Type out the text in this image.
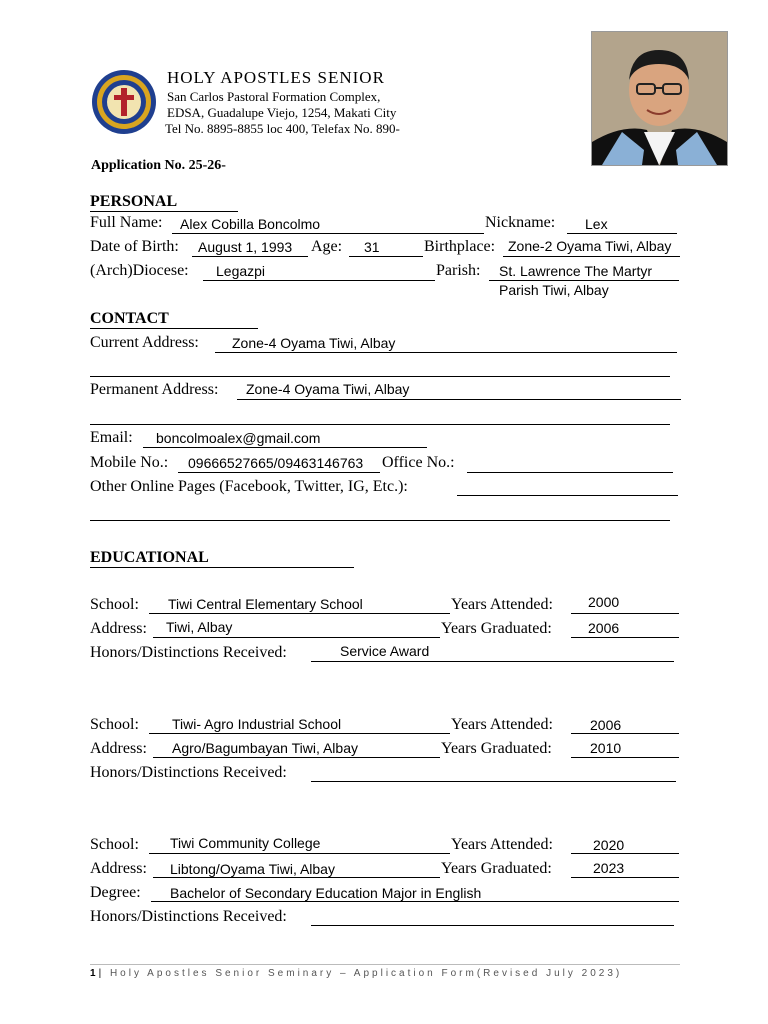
HOLY APOSTLES SENIOR
San Carlos Pastoral Formation Complex,
EDSA, Guadalupe Viejo, 1254, Makati City
Tel No. 8895-8855 loc 400, Telefax No. 890-
Application No. 25-26-
PERSONAL
Full Name: Alex Cobilla Boncolmo	Nickname: Lex
Date of Birth: August 1, 1993 Age: 31	Birthplace: Zone-2 Oyama Tiwi, Albay
(Arch)Diocese: Legazpi	Parish: St. Lawrence The Martyr
Parish Tiwi, Albay
CONTACT
Current Address: Zone-4 Oyama Tiwi, Albay
Permanent Address: Zone-4 Oyama Tiwi, Albay
Email: boncolmoalex@gmail.com
Mobile No.: 09666527665/09463146763 Office No.:
Other Online Pages (Facebook, Twitter, IG, Etc.):
EDUCATIONAL
School: Tiwi Central Elementary School	Years Attended:	2000
Address: Tiwi, Albay	Years Graduated:	2006
Honors/Distinctions Received:	Service Award
School: Tiwi- Agro Industrial School	Years Attended:	2006
Address: Agro/Bagumbayan Tiwi, Albay	Years Graduated:	2010
Honors/Distinctions Received:
School: Tiwi Community College	Years Attended:	2020
Address: Libtong/Oyama Tiwi, Albay	Years Graduated:	2023
Degree: Bachelor of Secondary Education Major in English
Honors/Distinctions Received:
1| Holy Apostles Senior Seminary – Application Form(Revised July 2023)
